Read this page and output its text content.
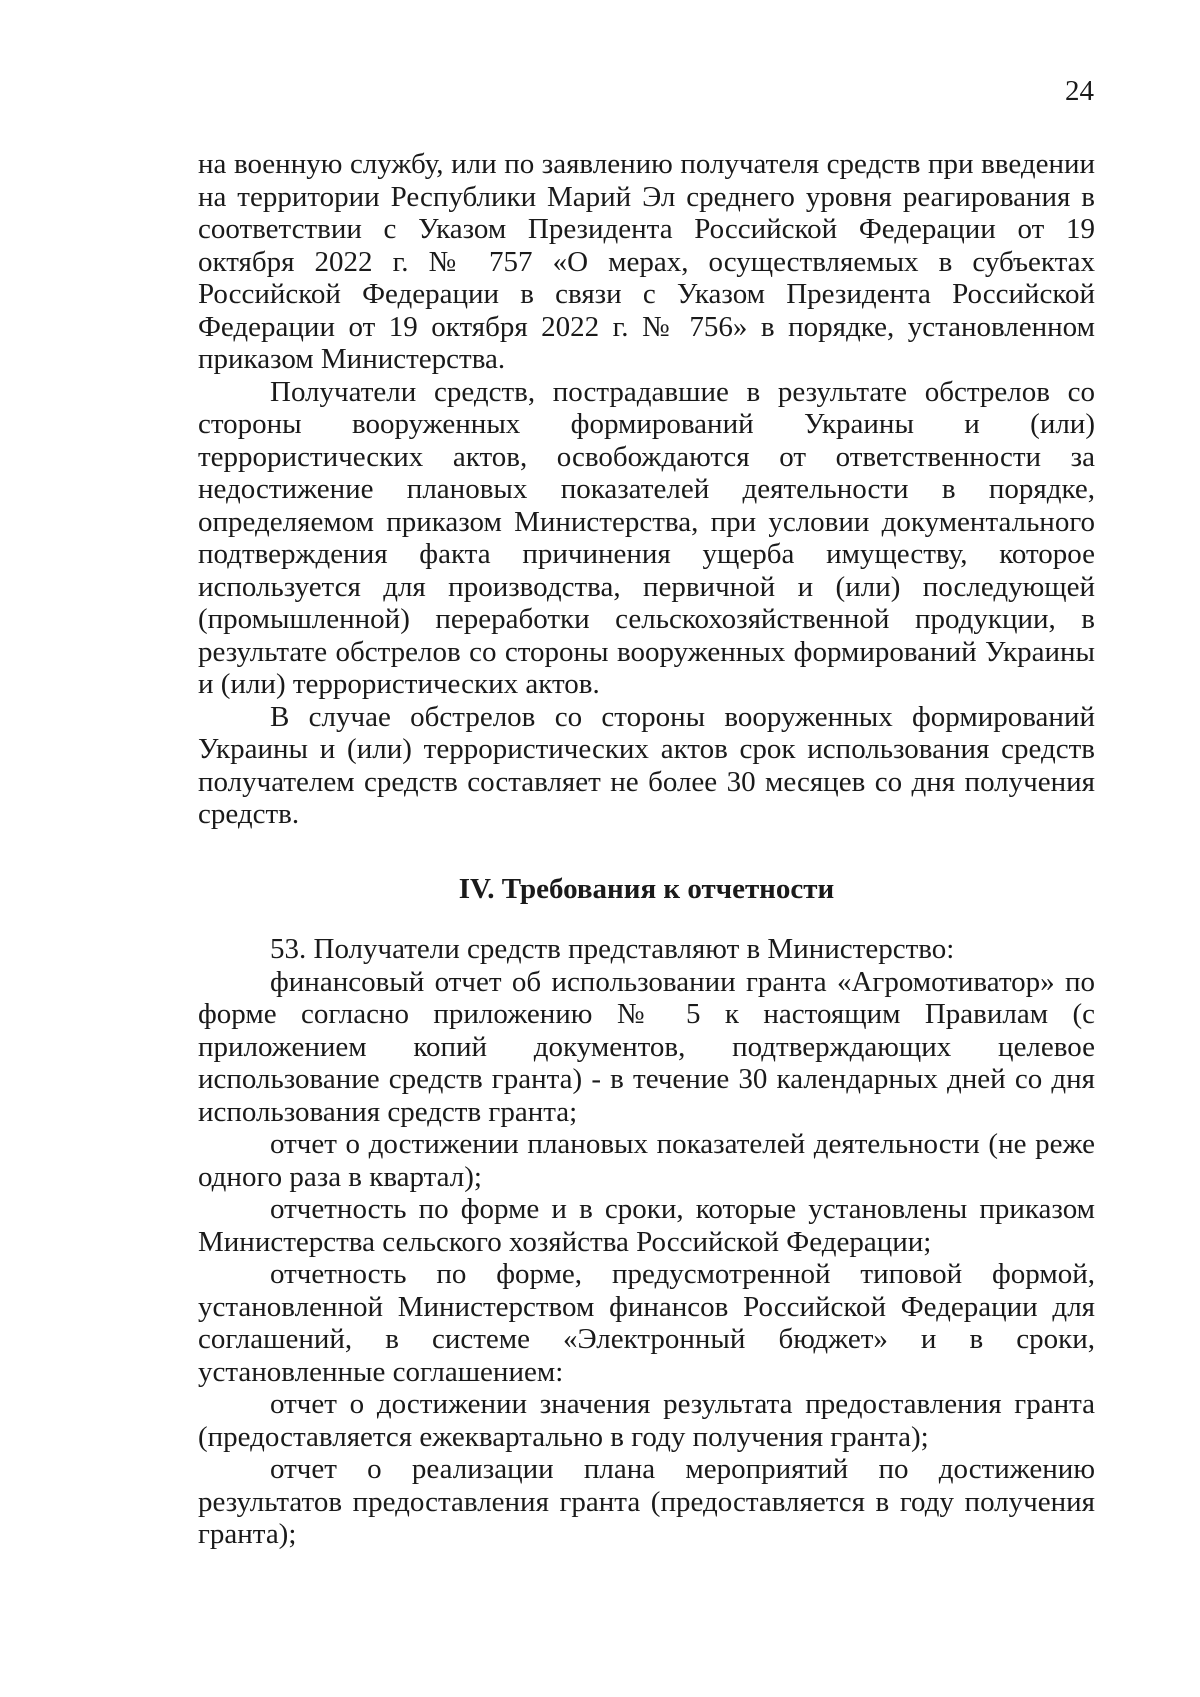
24

на военную службу, или по заявлению получателя средств при введении на территории Республики Марий Эл среднего уровня реагирования в соответствии с Указом Президента Российской Федерации от 19 октября 2022 г. № 757 «О мерах, осуществляемых в субъектах Российской Федерации в связи с Указом Президента Российской Федерации от 19 октября 2022 г. № 756» в порядке, установленном приказом Министерства.

Получатели средств, пострадавшие в результате обстрелов со стороны вооруженных формирований Украины и (или) террористических актов, освобождаются от ответственности за недостижение плановых показателей деятельности в порядке, определяемом приказом Министерства, при условии документального подтверждения факта причинения ущерба имуществу, которое используется для производства, первичной и (или) последующей (промышленной) переработки сельскохозяйственной продукции, в результате обстрелов со стороны вооруженных формирований Украины и (или) террористических актов.

В случае обстрелов со стороны вооруженных формирований Украины и (или) террористических актов срок использования средств получателем средств составляет не более 30 месяцев со дня получения средств.

IV. Требования к отчетности

53. Получатели средств представляют в Министерство:

финансовый отчет об использовании гранта «Агромотиватор» по форме согласно приложению № 5 к настоящим Правилам (с приложением копий документов, подтверждающих целевое использование средств гранта) - в течение 30 календарных дней со дня использования средств гранта;

отчет о достижении плановых показателей деятельности (не реже одного раза в квартал);

отчетность по форме и в сроки, которые установлены приказом Министерства сельского хозяйства Российской Федерации;

отчетность по форме, предусмотренной типовой формой, установленной Министерством финансов Российской Федерации для соглашений, в системе «Электронный бюджет» и в сроки, установленные соглашением:

отчет о достижении значения результата предоставления гранта (предоставляется ежеквартально в году получения гранта);

отчет о реализации плана мероприятий по достижению результатов предоставления гранта (предоставляется в году получения гранта);
